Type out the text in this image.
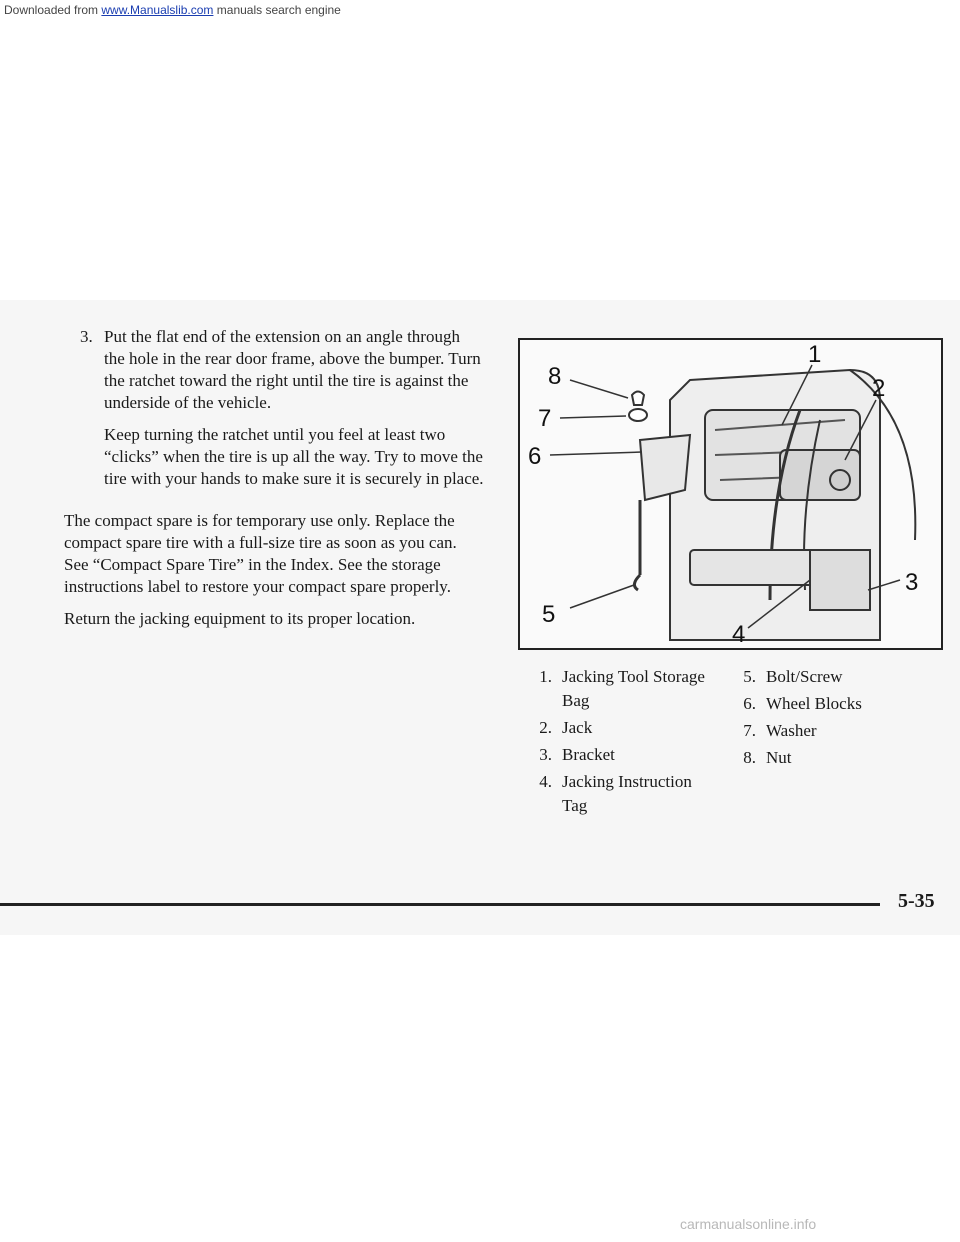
3. Put the flat end of the extension on an angle through the hole in the rear door frame, above the bumper. Turn the ratchet toward the right until the tire is against the underside of the vehicle.

Keep turning the ratchet until you feel at least two “clicks” when the tire is up all the way. Try to move the tire with your hands to make sure it is securely in place.

The compact spare is for temporary use only. Replace the compact spare tire with a full-size tire as soon as you can. See “Compact Spare Tire” in the Index. See the storage instructions label to restore your compact spare properly.

Return the jacking equipment to its proper location.

1
2
3
4
5
6
7
8
1. Jacking Tool Storage Bag
2. Jack
3. Bracket
4. Jacking Instruction Tag
5. Bolt/Screw
6. Wheel Blocks
7. Washer
8. Nut
5-35
Downloaded from www.Manualslib.com manuals search engine
carmanualsonline.info
